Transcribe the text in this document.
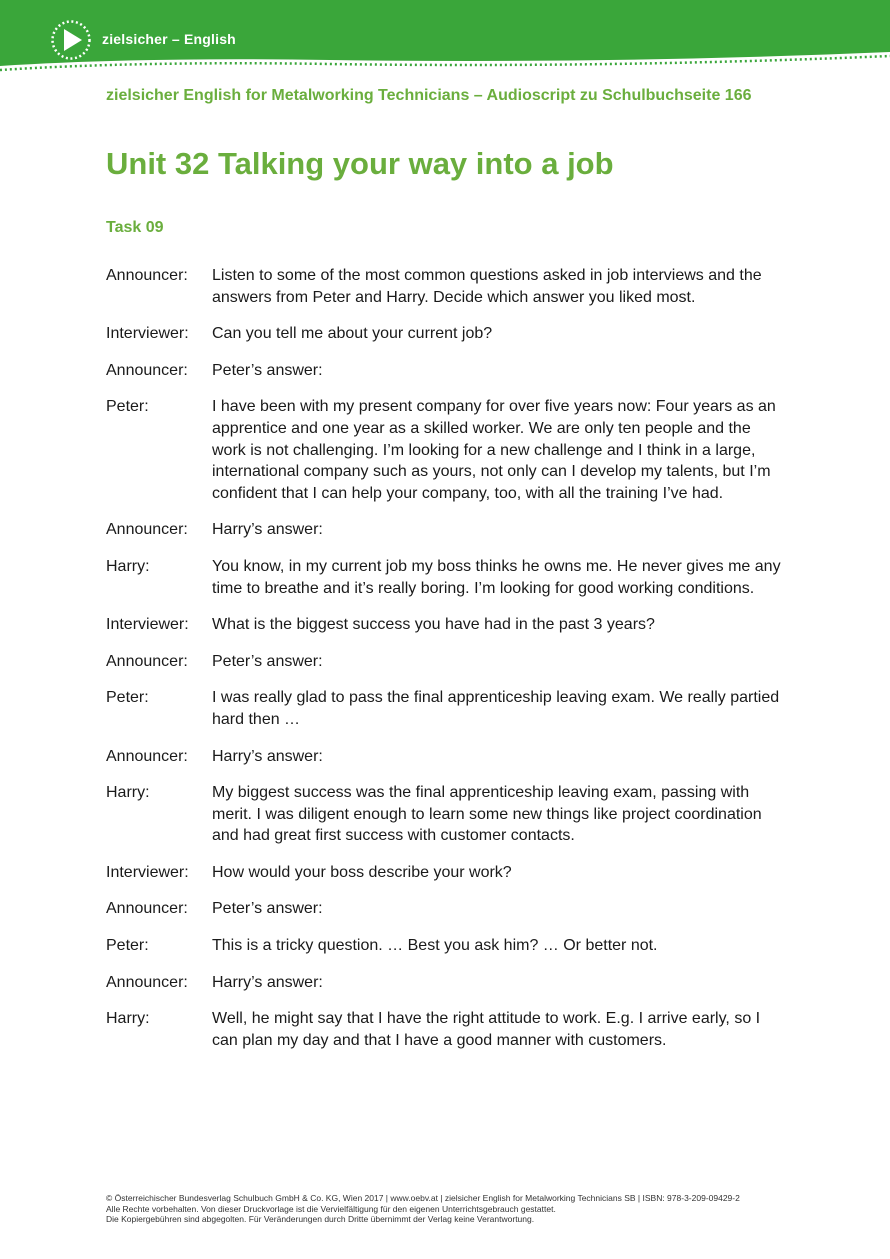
zielsicher – English
zielsicher English for Metalworking Technicians – Audioscript zu Schulbuchseite 166
Unit 32 Talking your way into a job
Task 09
Announcer:	Listen to some of the most common questions asked in job interviews and the answers from Peter and Harry. Decide which answer you liked most.
Interviewer:	Can you tell me about your current job?
Announcer:	Peter’s answer:
Peter:	I have been with my present company for over five years now: Four years as an apprentice and one year as a skilled worker. We are only ten people and the work is not challenging. I’m looking for a new challenge and I think in a large, international company such as yours, not only can I develop my talents, but I’m confident that I can help your company, too, with all the training I’ve had.
Announcer:	Harry’s answer:
Harry:	You know, in my current job my boss thinks he owns me. He never gives me any time to breathe and it’s really boring. I’m looking for good working conditions.
Interviewer:	What is the biggest success you have had in the past 3 years?
Announcer:	Peter’s answer:
Peter:	I was really glad to pass the final apprenticeship leaving exam. We really partied hard then …
Announcer:	Harry’s answer:
Harry:	My biggest success was the final apprenticeship leaving exam, passing with merit. I was diligent enough to learn some new things like project coordination and had great first success with customer contacts.
Interviewer:	How would your boss describe your work?
Announcer:	Peter’s answer:
Peter:	This is a tricky question. … Best you ask him? … Or better not.
Announcer:	Harry’s answer:
Harry:	Well, he might say that I have the right attitude to work. E.g. I arrive early, so I can plan my day and that I have a good manner with customers.
© Österreichischer Bundesverlag Schulbuch GmbH & Co. KG, Wien 2017 | www.oebv.at | zielsicher English for Metalworking Technicians SB | ISBN: 978-3-209-09429-2
Alle Rechte vorbehalten. Von dieser Druckvorlage ist die Vervielfältigung für den eigenen Unterrichtsgebrauch gestattet.
Die Kopiergebühren sind abgegolten. Für Veränderungen durch Dritte übernimmt der Verlag keine Verantwortung.
